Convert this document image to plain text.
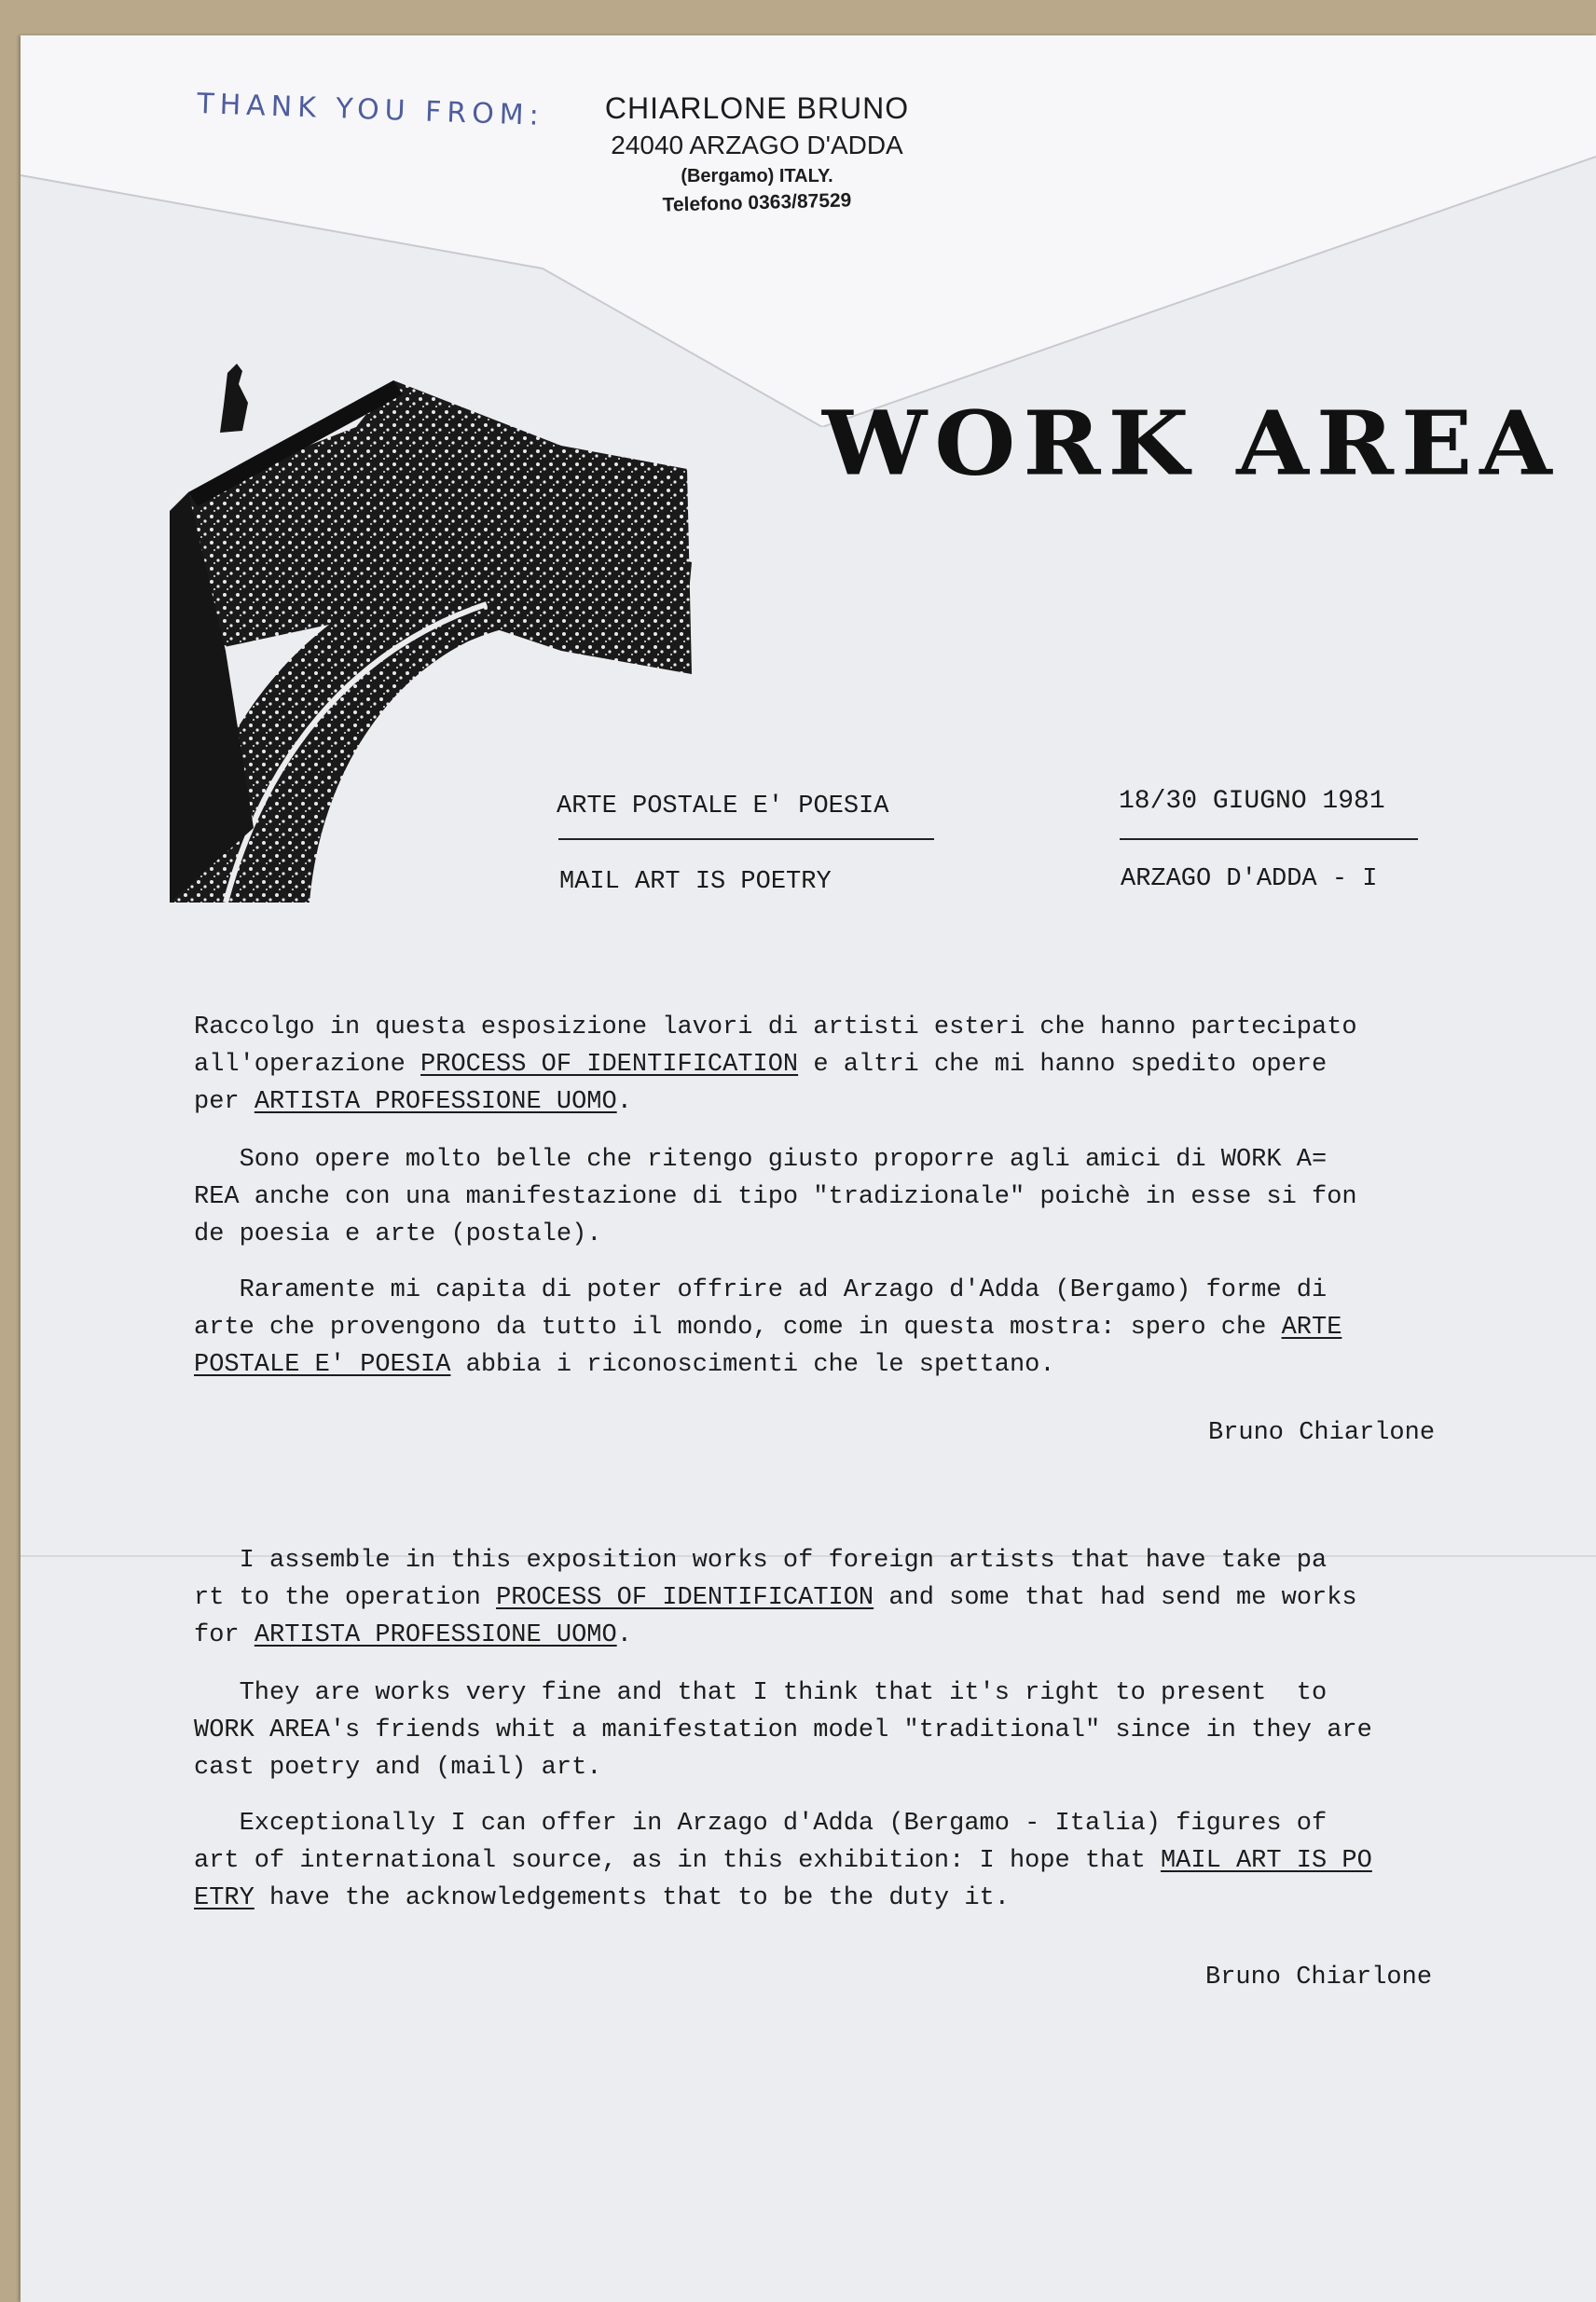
THANK YOU FROM:	CHIARLONE BRUNO
24040 ARZAGO D'ADDA
(Bergamo) ITALY.
Telefono 0363/87529
WORK AREA
ARTE POSTALE E' POESIA
MAIL ART IS POETRY
18/30 GIUGNO 1981
ARZAGO D'ADDA - I
Raccolgo in questa esposizione lavori di artisti esteri che hanno partecipato
all'operazione PROCESS OF IDENTIFICATION e altri che mi hanno spedito opere
per ARTISTA PROFESSIONE UOMO.
Sono opere molto belle che ritengo giusto proporre agli amici di WORK A=
REA anche con una manifestazione di tipo "tradizionale" poichè in esse si fon
de poesia e arte (postale).
Raramente mi capita di poter offrire ad Arzago d'Adda (Bergamo) forme di
arte che provengono da tutto il mondo, come in questa mostra: spero che ARTE
POSTALE E' POESIA abbia i riconoscimenti che le spettano.
Bruno Chiarlone
I assemble in this exposition works of foreign artists that have take pa
rt to the operation PROCESS OF IDENTIFICATION and some that had send me works
for ARTISTA PROFESSIONE UOMO.
They are works very fine and that I think that it's right to present  to
WORK AREA's friends whit a manifestation model "traditional" since in they are
cast poetry and (mail) art.
Exceptionally I can offer in Arzago d'Adda (Bergamo - Italia) figures of
art of international source, as in this exhibition: I hope that MAIL ART IS PO
ETRY have the acknowledgements that to be the duty it.
Bruno Chiarlone
